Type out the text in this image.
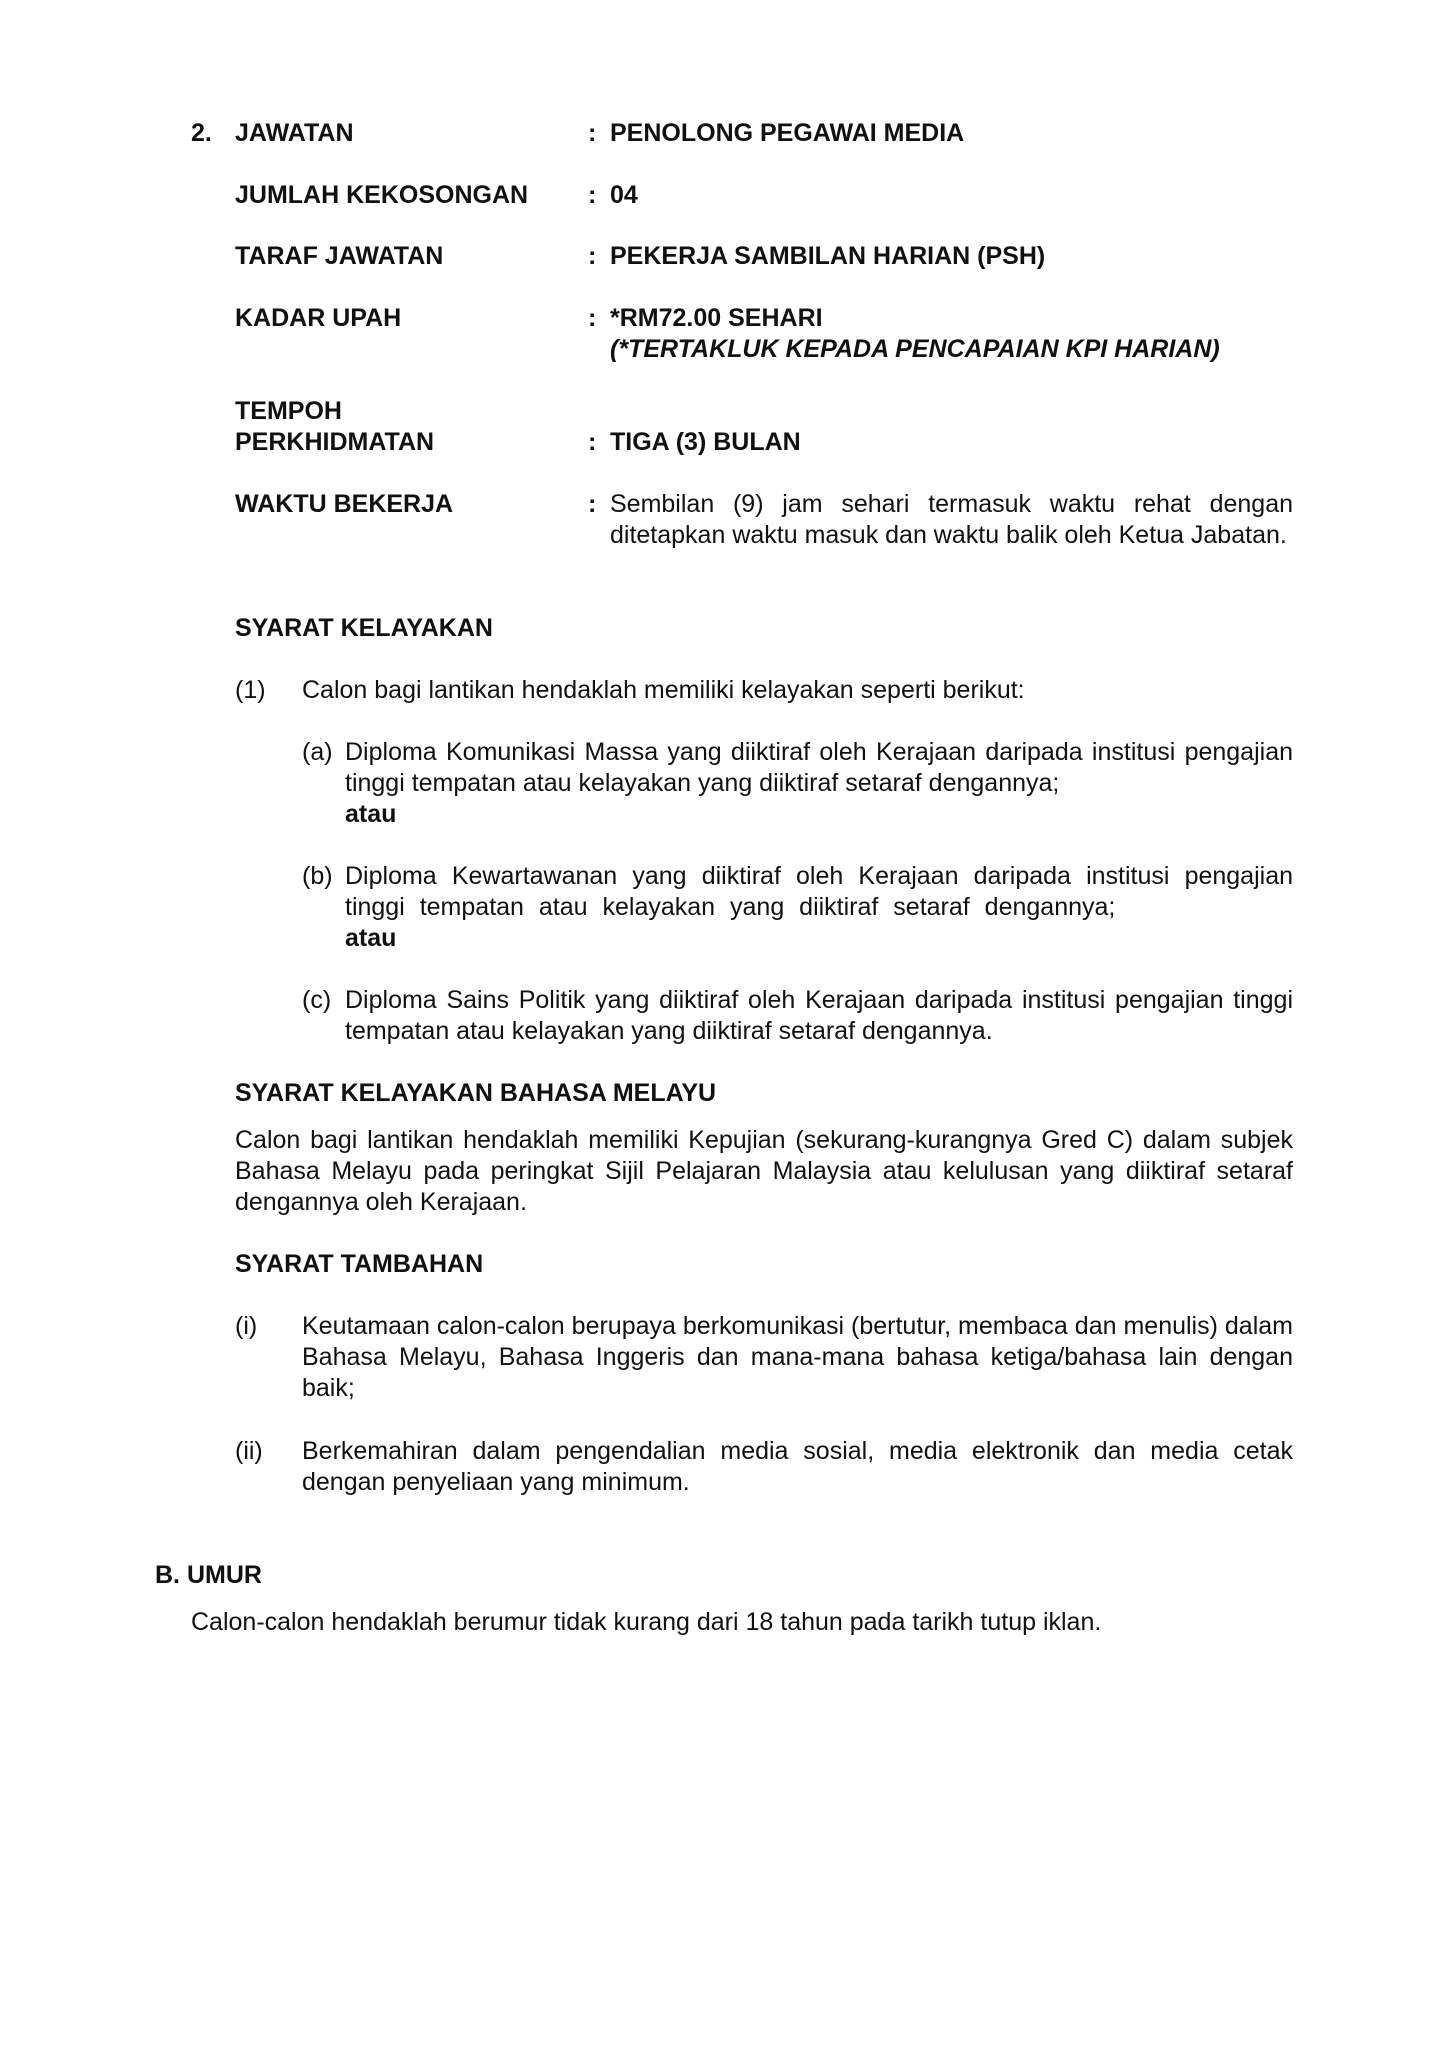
2. JAWATAN	: PENOLONG PEGAWAI MEDIA
JUMLAH KEKOSONGAN : 04
TARAF JAWATAN	: PEKERJA SAMBILAN HARIAN (PSH)
KADAR UPAH	: *RM72.00 SEHARI
(*TERTAKLUK KEPADA PENCAPAIAN KPI HARIAN)
TEMPOH
PERKHIDMATAN	: TIGA (3) BULAN
WAKTU BEKERJA	: Sembilan (9) jam sehari termasuk waktu rehat dengan ditetapkan waktu masuk dan waktu balik oleh Ketua Jabatan.
SYARAT KELAYAKAN
(1) Calon bagi lantikan hendaklah memiliki kelayakan seperti berikut:
(a) Diploma Komunikasi Massa yang diiktiraf oleh Kerajaan daripada institusi pengajian tinggi tempatan atau kelayakan yang diiktiraf setaraf dengannya;

atau

(b) Diploma Kewartawanan yang diiktiraf oleh Kerajaan daripada institusi pengajian tinggi tempatan atau kelayakan yang diiktiraf setaraf dengannya;

atau

(c) Diploma Sains Politik yang diiktiraf oleh Kerajaan daripada institusi pengajian tinggi tempatan atau kelayakan yang diiktiraf setaraf dengannya.
SYARAT KELAYAKAN BAHASA MELAYU
Calon bagi lantikan hendaklah memiliki Kepujian (sekurang-kurangnya Gred C) dalam subjek Bahasa Melayu pada peringkat Sijil Pelajaran Malaysia atau kelulusan yang diiktiraf setaraf dengannya oleh Kerajaan.
SYARAT TAMBAHAN
(i) Keutamaan calon-calon berupaya berkomunikasi (bertutur, membaca dan menulis) dalam Bahasa Melayu, Bahasa Inggeris dan mana-mana bahasa ketiga/bahasa lain dengan baik;
(ii) Berkemahiran dalam pengendalian media sosial, media elektronik dan media cetak dengan penyeliaan yang minimum.
B. UMUR
Calon-calon hendaklah berumur tidak kurang dari 18 tahun pada tarikh tutup iklan.
